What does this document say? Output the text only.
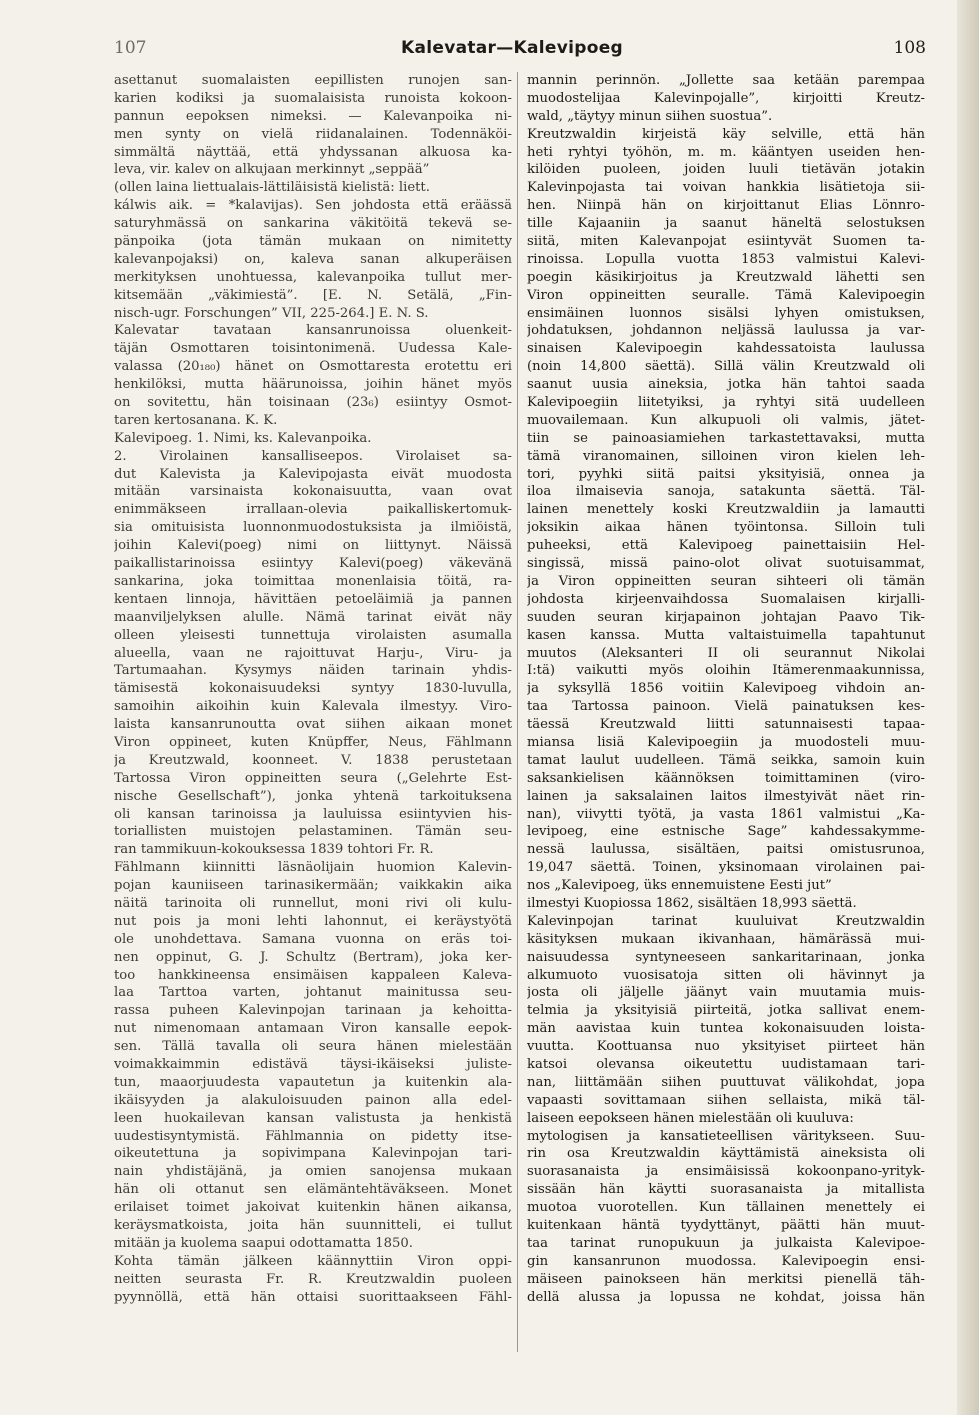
107	Kalevatar—Kalevipoeg	108
asettanut suomalaisten eepillisten runojen san-
karien kodiksi ja suomalaisista runoista kokoon-
pannun eepoksen nimeksi. — Kalevanpoika ni-
men synty on vielä riidanalainen. Todennäköi-
simmältä näyttää, että yhdyssanan alkuosa ka-
leva, vir. kalev on alkujaan merkinnyt „seppää”
(ollen laina liettualais-lättiläisistä kielistä: liett.
kálwis aik. = *kalavijas). Sen johdosta että eräässä
saturyhmässä on sankarina väkitöitä tekevä se-
pänpoika (jota tämän mukaan on nimitetty
kalevanpojaksi) on, kaleva sanan alkuperäisen
merkityksen unohtuessa, kalevanpoika tullut mer-
kitsemään „väkimiestä”. [E. N. Setälä, „Fin-
nisch-ugr. Forschungen” VII, 225-264.] E. N. S.
Kalevatar tavataan kansanrunoissa oluenkeit-
täjän Osmottaren toisintonimenä. Uudessa Kale-
valassa (20₁₈₀) hänet on Osmottaresta erotettu eri
henkilöksi, mutta häärunoissa, joihin hänet myös
on sovitettu, hän toisinaan (23₆) esiintyy Osmot-
taren kertosanana. K. K.
Kalevipoeg. 1. Nimi, ks. Kalevanpoika.
2. Virolainen kansalliseepos. Virolaiset sa-
dut Kalevista ja Kalevipojasta eivät muodosta
mitään varsinaista kokonaisuutta, vaan ovat
enimmäkseen irrallaan-olevia paikalliskertomuk-
sia omituisista luonnonmuodostuksista ja ilmiöistä,
joihin Kalevi(poeg) nimi on liittynyt. Näissä
paikallistarinoissa esiintyy Kalevi(poeg) väkevänä
sankarina, joka toimittaa monenlaisia töitä, ra-
kentaen linnoja, hävittäen petoeläimiä ja pannen
maanviljelyksen alulle. Nämä tarinat eivät näy
olleen yleisesti tunnettuja virolaisten asumalla
alueella, vaan ne rajoittuvat Harju-, Viru- ja
Tartumaahan. Kysymys näiden tarinain yhdis-
tämisestä kokonaisuudeksi syntyy 1830-luvulla,
samoihin aikoihin kuin Kalevala ilmestyy. Viro-
laista kansanrunoutta ovat siihen aikaan monet
Viron oppineet, kuten Knüpffer, Neus, Fählmann
ja Kreutzwald, koonneet. V. 1838 perustetaan
Tartossa Viron oppineitten seura („Gelehrte Est-
nische Gesellschaft”), jonka yhtenä tarkoituksena
oli kansan tarinoissa ja lauluissa esiintyvien his-
toriallisten muistojen pelastaminen. Tämän seu-
ran tammikuun-kokouksessa 1839 tohtori Fr. R.
Fählmann kiinnitti läsnäolijain huomion Kalevin-
pojan kauniiseen tarinasikermään; vaikkakin aika
näitä tarinoita oli runnellut, moni rivi oli kulu-
nut pois ja moni lehti lahonnut, ei keräystyötä
ole unohdettava. Samana vuonna on eräs toi-
nen oppinut, G. J. Schultz (Bertram), joka ker-
too hankkineensa ensimäisen kappaleen Kaleva-
laa Tarttoa varten, johtanut mainitussa seu-
rassa puheen Kalevinpojan tarinaan ja kehoitta-
nut nimenomaan antamaan Viron kansalle eepok-
sen. Tällä tavalla oli seura hänen mielestään
voimakkaimmin edistävä täysi-ikäiseksi juliste-
tun, maaorjuudesta vapautetun ja kuitenkin ala-
ikäisyyden ja alakuloisuuden painon alla edel-
leen huokailevan kansan valistusta ja henkistä
uudestisyntymistä. Fählmannia on pidetty itse-
oikeutettuna ja sopivimpana Kalevinpojan tari-
nain yhdistäjänä, ja omien sanojensa mukaan
hän oli ottanut sen elämäntehtäväkseen. Monet
erilaiset toimet jakoivat kuitenkin hänen aikansa,
keräysmatkoista, joita hän suunnitteli, ei tullut
mitään ja kuolema saapui odottamatta 1850.
Kohta tämän jälkeen käännyttiin Viron oppi-
neitten seurasta Fr. R. Kreutzwaldin puoleen
pyynnöllä, että hän ottaisi suorittaakseen Fähl-
mannin perinnön. „Jollette saa ketään parempaa
muodostelijaa Kalevinpojalle”, kirjoitti Kreutz-
wald, „täytyy minun siihen suostua”.
Kreutzwaldin kirjeistä käy selville, että hän
heti ryhtyi työhön, m. m. kääntyen useiden hen-
kilöiden puoleen, joiden luuli tietävän jotakin
Kalevinpojasta tai voivan hankkia lisätietoja sii-
hen. Niinpä hän on kirjoittanut Elias Lönnro-
tille Kajaaniin ja saanut häneltä selostuksen
siitä, miten Kalevanpojat esiintyvät Suomen ta-
rinoissa. Lopulla vuotta 1853 valmistui Kalevi-
poegin käsikirjoitus ja Kreutzwald lähetti sen
Viron oppineitten seuralle. Tämä Kalevipoegin
ensimäinen luonnos sisälsi lyhyen omistuksen,
johdatuksen, johdannon neljässä laulussa ja var-
sinaisen Kalevipoegin kahdessatoista laulussa
(noin 14,800 säettä). Sillä välin Kreutzwald oli
saanut uusia aineksia, jotka hän tahtoi saada
Kalevipoegiin liitetyiksi, ja ryhtyi sitä uudelleen
muovailemaan. Kun alkupuoli oli valmis, jätet-
tiin se painoasiamiehen tarkastettavaksi, mutta
tämä viranomainen, silloinen viron kielen leh-
tori, pyyhki siitä paitsi yksityisiä, onnea ja
iloa ilmaisevia sanoja, satakunta säettä. Täl-
lainen menettely koski Kreutzwaldiin ja lamautti
joksikin aikaa hänen työintonsa. Silloin tuli
puheeksi, että Kalevipoeg painettaisiin Hel-
singissä, missä paino-olot olivat suotuisammat,
ja Viron oppineitten seuran sihteeri oli tämän
johdosta kirjeenvaihdossa Suomalaisen kirjalli-
suuden seuran kirjapainon johtajan Paavo Tik-
kasen kanssa. Mutta valtaistuimella tapahtunut
muutos (Aleksanteri II oli seurannut Nikolai
I:tä) vaikutti myös oloihin Itämerenmaakunnissa,
ja syksyllä 1856 voitiin Kalevipoeg vihdoin an-
taa Tartossa painoon. Vielä painatuksen kes-
täessä Kreutzwald liitti satunnaisesti tapaa-
miansa lisiä Kalevipoegiin ja muodosteli muu-
tamat laulut uudelleen. Tämä seikka, samoin kuin
saksankielisen käännöksen toimittaminen (viro-
lainen ja saksalainen laitos ilmestyivät näet rin-
nan), viivytti työtä, ja vasta 1861 valmistui „Ka-
levipoeg, eine estnische Sage” kahdessakymme-
nessä laulussa, sisältäen, paitsi omistusrunoa,
19,047 säettä. Toinen, yksinomaan virolainen pai-
nos „Kalevipoeg, üks ennemuistene Eesti jut”
ilmestyi Kuopiossa 1862, sisältäen 18,993 säettä.
Kalevinpojan tarinat kuuluivat Kreutzwaldin
käsityksen mukaan ikivanhaan, hämärässä mui-
naisuudessa syntyneeseen sankaritarinaan, jonka
alkumuoto vuosisatoja sitten oli hävinnyt ja
josta oli jäljelle jäänyt vain muutamia muis-
telmia ja yksityisiä piirteitä, jotka sallivat enem-
män aavistaa kuin tuntea kokonaisuuden loista-
vuutta. Koottuansa nuo yksityiset piirteet hän
katsoi olevansa oikeutettu uudistamaan tari-
nan, liittämään siihen puuttuvat välikohdat, jopa
vapaasti sovittamaan siihen sellaista, mikä täl-
laiseen eepokseen hänen mielestään oli kuuluva:
mytologisen ja kansatieteellisen väritykseen. Suu-
rin osa Kreutzwaldin käyttämistä aineksista oli
suorasanaista ja ensimäisissä kokoonpano-yrityk-
sissään hän käytti suorasanaista ja mitallista
muotoa vuorotellen. Kun tällainen menettely ei
kuitenkaan häntä tyydyttänyt, päätti hän muut-
taa tarinat runopukuun ja julkaista Kalevipoe-
gin kansanrunon muodossa. Kalevipoegin ensi-
mäiseen painokseen hän merkitsi pienellä täh-
dellä alussa ja lopussa ne kohdat, joissa hän
